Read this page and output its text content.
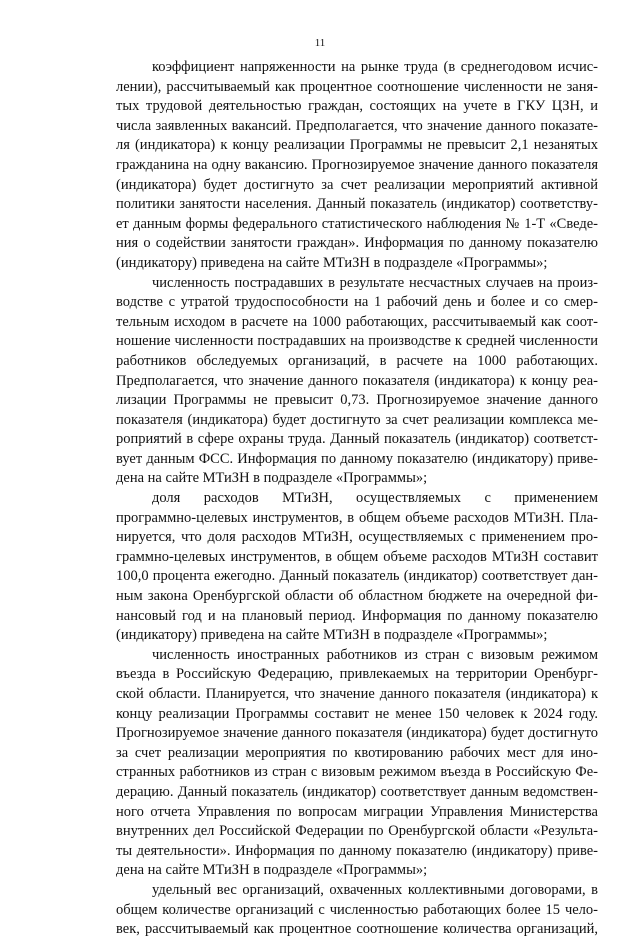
11
коэффициент напряженности на рынке труда (в среднегодовом исчис-
лении), рассчитываемый как процентное соотношение численности не заня-
тых трудовой деятельностью граждан, состоящих на учете в ГКУ ЦЗН, и
числа заявленных вакансий. Предполагается, что значение данного показате-
ля (индикатора) к концу реализации Программы не превысит 2,1 незанятых
гражданина на одну вакансию. Прогнозируемое значение данного показателя
(индикатора) будет достигнуто за счет реализации мероприятий активной
политики занятости населения. Данный показатель (индикатор) соответству-
ет данным формы федерального статистического наблюдения № 1-Т «Сведе-
ния о содействии занятости граждан». Информация по данному показателю
(индикатору) приведена на сайте МТиЗН в подразделе «Программы»;
численность пострадавших в результате несчастных случаев на произ-
водстве с утратой трудоспособности на 1 рабочий день и более и со смер-
тельным исходом в расчете на 1000 работающих, рассчитываемый как соот-
ношение численности пострадавших на производстве к средней численности
работников обследуемых организаций, в расчете на 1000 работающих.
Предполагается, что значение данного показателя (индикатора) к концу реа-
лизации Программы не превысит 0,73. Прогнозируемое значение данного
показателя (индикатора) будет достигнуто за счет реализации комплекса ме-
роприятий в сфере охраны труда. Данный показатель (индикатор) соответст-
вует данным ФСС. Информация по данному показателю (индикатору) приве-
дена на сайте МТиЗН в подразделе «Программы»;
доля расходов МТиЗН, осуществляемых с применением
программно-целевых инструментов, в общем объеме расходов МТиЗН. Пла-
нируется, что доля расходов МТиЗН, осуществляемых с применением про-
граммно-целевых инструментов, в общем объеме расходов МТиЗН составит
100,0 процента ежегодно. Данный показатель (индикатор) соответствует дан-
ным закона Оренбургской области об областном бюджете на очередной фи-
нансовый год и на плановый период. Информация по данному показателю
(индикатору) приведена на сайте МТиЗН в подразделе «Программы»;
численность иностранных работников из стран с визовым режимом
въезда в Российскую Федерацию, привлекаемых на территории Оренбург-
ской области. Планируется, что значение данного показателя (индикатора) к
концу реализации Программы составит не менее 150 человек к 2024 году.
Прогнозируемое значение данного показателя (индикатора) будет достигнуто
за счет реализации мероприятия по квотированию рабочих мест для ино-
странных работников из стран с визовым режимом въезда в Российскую Фе-
дерацию. Данный показатель (индикатор) соответствует данным ведомствен-
ного отчета Управления по вопросам миграции Управления Министерства
внутренних дел Российской Федерации по Оренбургской области «Результа-
ты деятельности». Информация по данному показателю (индикатору) приве-
дена на сайте МТиЗН в подразделе «Программы»;
удельный вес организаций, охваченных коллективными договорами, в
общем количестве организаций с численностью работающих более 15 чело-
век, рассчитываемый как процентное соотношение количества организаций,
